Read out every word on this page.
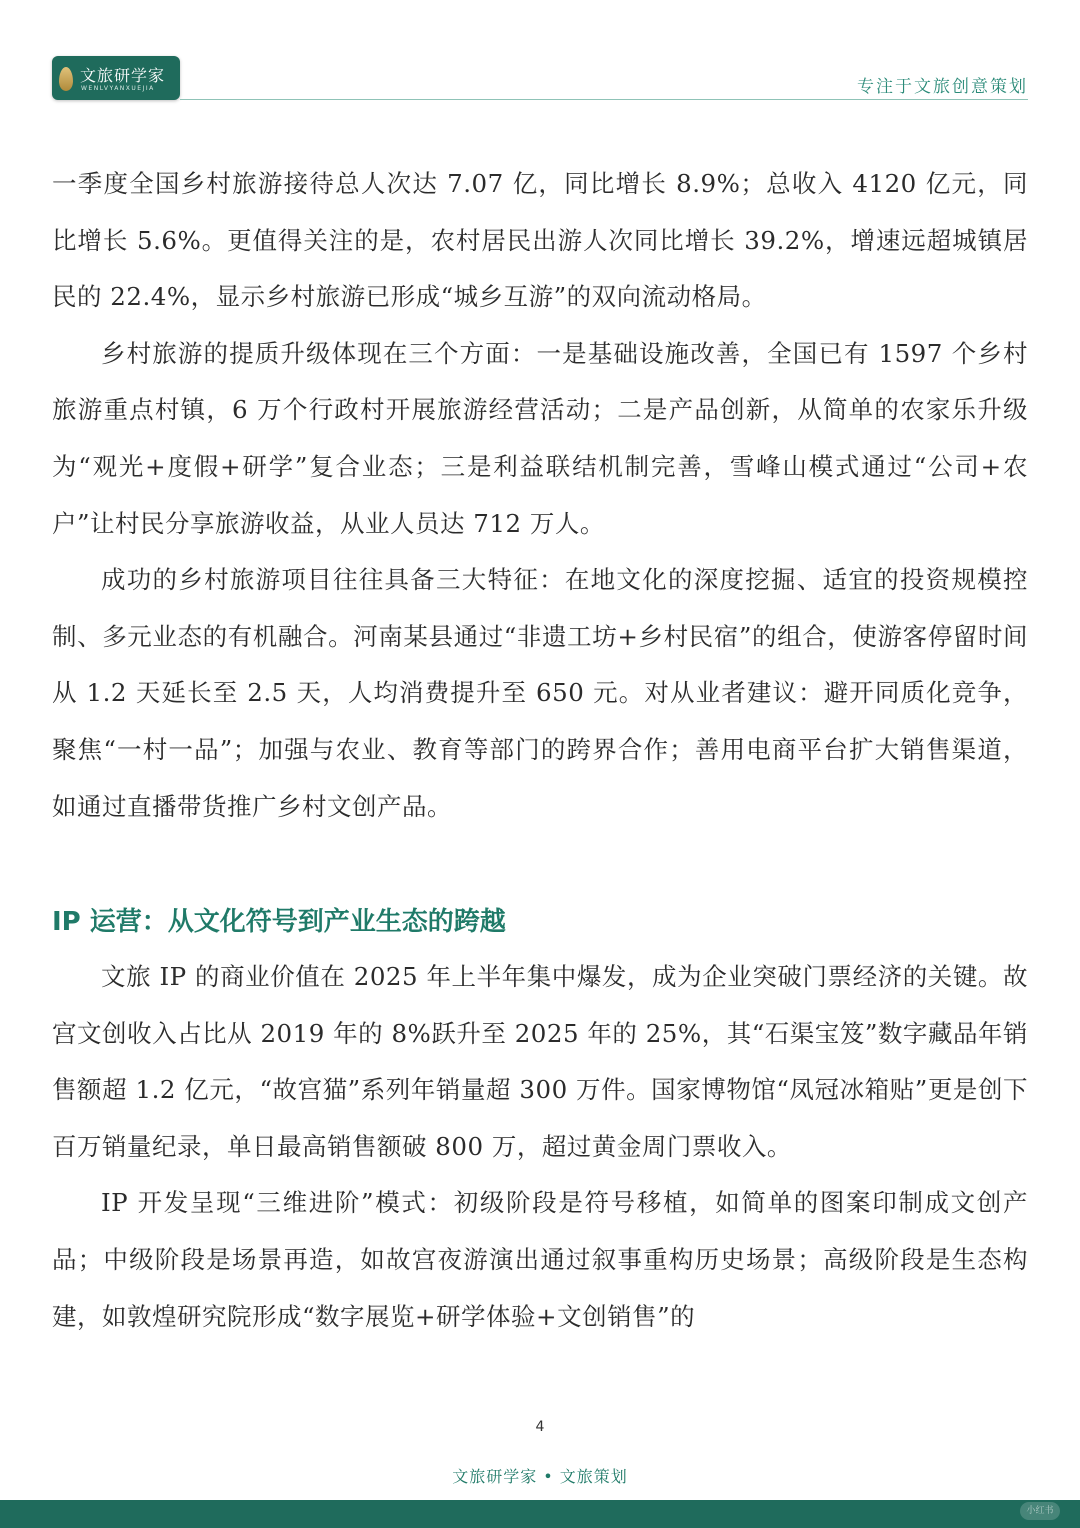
文旅研学家
WENLVYANXUEJIA	专注于文旅创意策划

一季度全国乡村旅游接待总人次达 7.07 亿，同比增长 8.9%；总收入 4120 亿元，同比增长 5.6%。更值得关注的是，农村居民出游人次同比增长 39.2%，增速远超城镇居民的 22.4%，显示乡村旅游已形成“城乡互游”的双向流动格局。

乡村旅游的提质升级体现在三个方面：一是基础设施改善，全国已有 1597 个乡村旅游重点村镇，6 万个行政村开展旅游经营活动；二是产品创新，从简单的农家乐升级为“观光+度假+研学”复合业态；三是利益联结机制完善，雪峰山模式通过“公司+农户”让村民分享旅游收益，从业人员达 712 万人。

成功的乡村旅游项目往往具备三大特征：在地文化的深度挖掘、适宜的投资规模控制、多元业态的有机融合。河南某县通过“非遗工坊+乡村民宿”的组合，使游客停留时间从 1.2 天延长至 2.5 天，人均消费提升至 650 元。对从业者建议：避开同质化竞争，聚焦“一村一品”；加强与农业、教育等部门的跨界合作；善用电商平台扩大销售渠道，如通过直播带货推广乡村文创产品。

IP 运营：从文化符号到产业生态的跨越

文旅 IP 的商业价值在 2025 年上半年集中爆发，成为企业突破门票经济的关键。故宫文创收入占比从 2019 年的 8%跃升至 2025 年的 25%，其“石渠宝笈”数字藏品年销售额超 1.2 亿元，“故宫猫”系列年销量超 300 万件。国家博物馆“凤冠冰箱贴”更是创下百万销量纪录，单日最高销售额破 800 万，超过黄金周门票收入。

IP 开发呈现“三维进阶”模式：初级阶段是符号移植，如简单的图案印制成文创产品；中级阶段是场景再造，如故宫夜游演出通过叙事重构历史场景；高级阶段是生态构建，如敦煌研究院形成“数字展览+研学体验+文创销售”的

4
文旅研学家 • 文旅策划
小红书
